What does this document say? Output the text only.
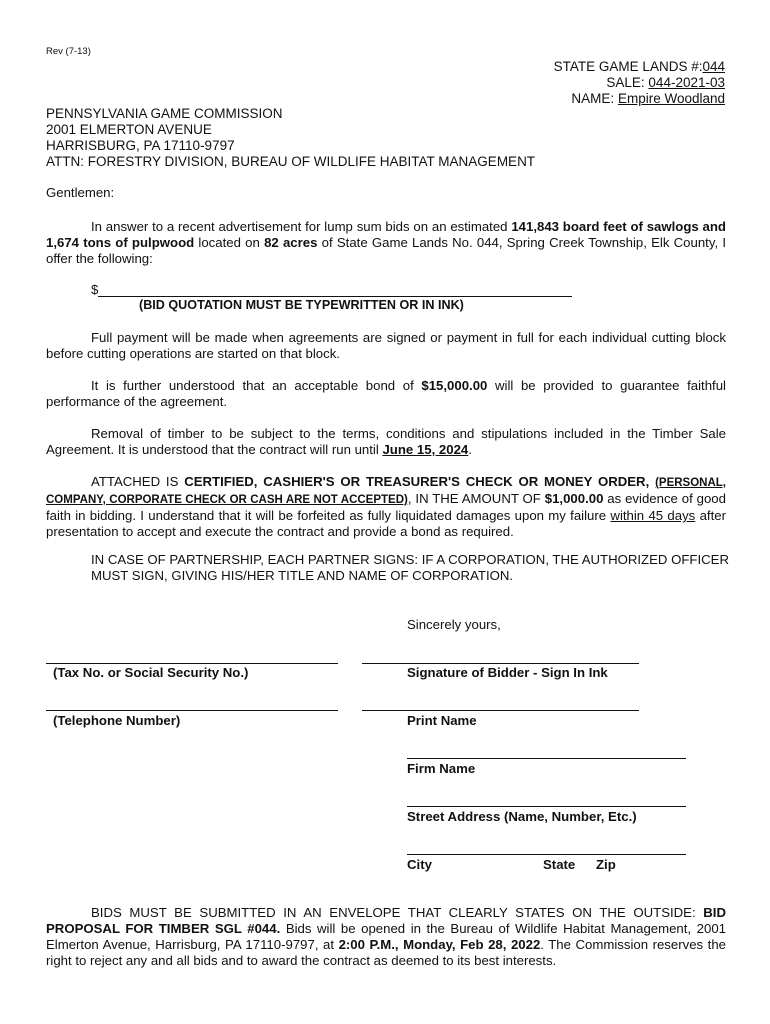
Rev (7-13)
STATE GAME LANDS #:044
SALE: 044-2021-03
NAME: Empire Woodland
PENNSYLVANIA GAME COMMISSION
2001 ELMERTON AVENUE
HARRISBURG, PA 17110-9797
ATTN: FORESTRY DIVISION, BUREAU OF WILDLIFE HABITAT MANAGEMENT
Gentlemen:
In answer to a recent advertisement for lump sum bids on an estimated 141,843 board feet of sawlogs and 1,674 tons of pulpwood located on 82 acres of State Game Lands No. 044, Spring Creek Township, Elk County, I offer the following:
$
(BID QUOTATION MUST BE TYPEWRITTEN OR IN INK)
Full payment will be made when agreements are signed or payment in full for each individual cutting block before cutting operations are started on that block.
It is further understood that an acceptable bond of $15,000.00 will be provided to guarantee faithful performance of the agreement.
Removal of timber to be subject to the terms, conditions and stipulations included in the Timber Sale Agreement. It is understood that the contract will run until June 15, 2024.
ATTACHED IS CERTIFIED, CASHIER'S OR TREASURER'S CHECK OR MONEY ORDER, (PERSONAL, COMPANY, CORPORATE CHECK OR CASH ARE NOT ACCEPTED), IN THE AMOUNT OF $1,000.00 as evidence of good faith in bidding. I understand that it will be forfeited as fully liquidated damages upon my failure within 45 days after presentation to accept and execute the contract and provide a bond as required.
IN CASE OF PARTNERSHIP, EACH PARTNER SIGNS: IF A CORPORATION, THE AUTHORIZED OFFICER MUST SIGN, GIVING HIS/HER TITLE AND NAME OF CORPORATION.
Sincerely yours,
(Tax No. or Social Security No.)	Signature of Bidder - Sign In Ink
(Telephone Number)	Print Name
Firm Name
Street Address (Name, Number, Etc.)
City	State Zip
BIDS MUST BE SUBMITTED IN AN ENVELOPE THAT CLEARLY STATES ON THE OUTSIDE: BID PROPOSAL FOR TIMBER SGL #044. Bids will be opened in the Bureau of Wildlife Habitat Management, 2001 Elmerton Avenue, Harrisburg, PA 17110-9797, at 2:00 P.M., Monday, Feb 28, 2022. The Commission reserves the right to reject any and all bids and to award the contract as deemed to its best interests.
